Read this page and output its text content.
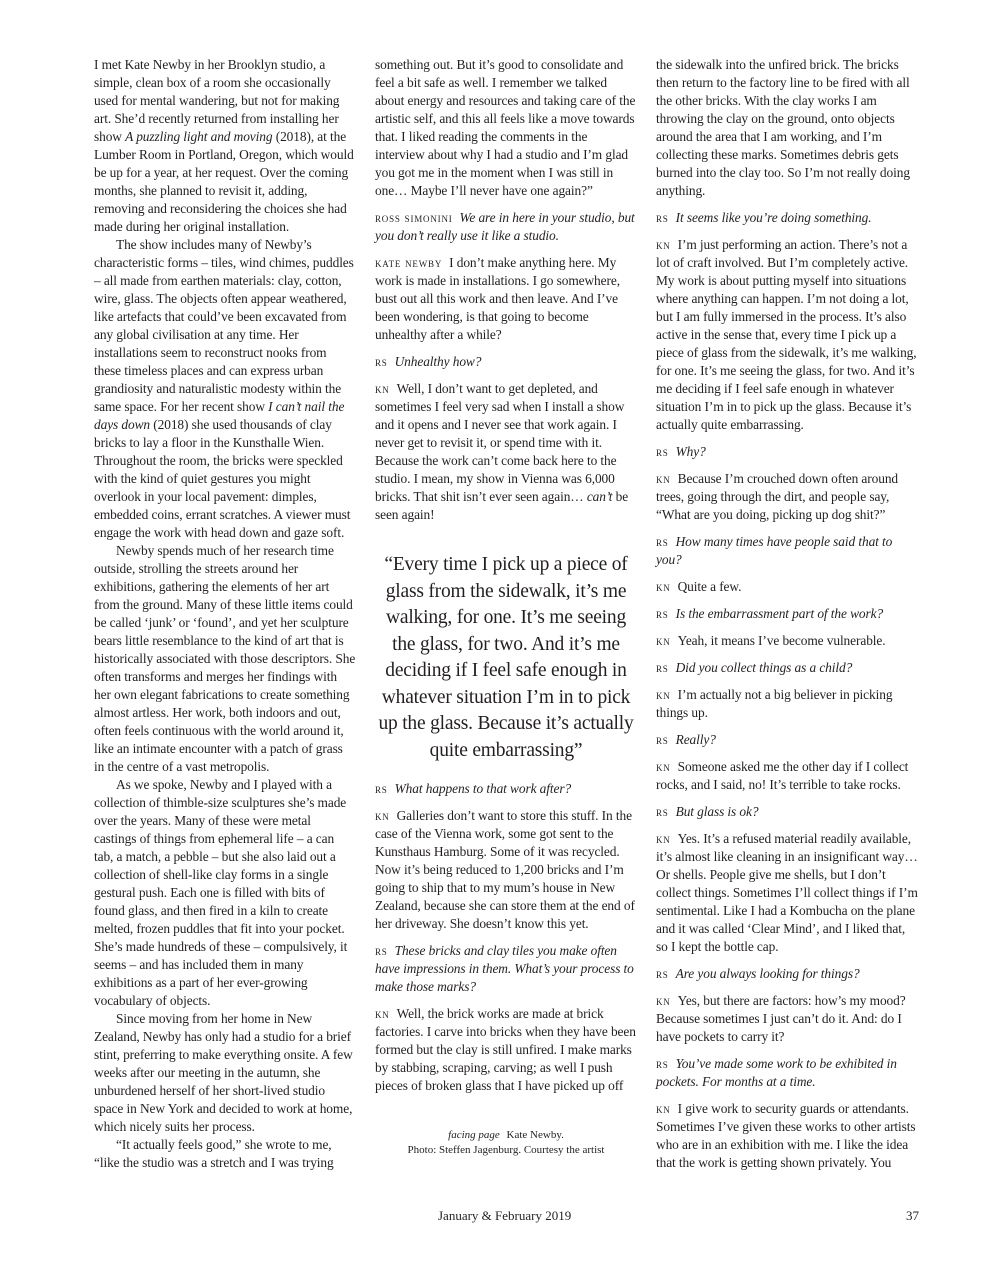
I met Kate Newby in her Brooklyn studio, a simple, clean box of a room she occasionally used for mental wandering, but not for making art. She’d recently returned from installing her show A puzzling light and moving (2018), at the Lumber Room in Portland, Oregon, which would be up for a year, at her request. Over the coming months, she planned to revisit it, adding, removing and reconsidering the choices she had made during her original installation.

The show includes many of Newby’s characteristic forms – tiles, wind chimes, puddles – all made from earthen materials: clay, cotton, wire, glass. The objects often appear weathered, like artefacts that could’ve been excavated from any global civilisation at any time. Her installations seem to reconstruct nooks from these timeless places and can express urban grandiosity and naturalistic modesty within the same space. For her recent show I can’t nail the days down (2018) she used thousands of clay bricks to lay a floor in the Kunsthalle Wien. Throughout the room, the bricks were speckled with the kind of quiet gestures you might overlook in your local pavement: dimples, embedded coins, errant scratches. A viewer must engage the work with head down and gaze soft.

Newby spends much of her research time outside, strolling the streets around her exhibitions, gathering the elements of her art from the ground. Many of these little items could be called ‘junk’ or ‘found’, and yet her sculpture bears little resemblance to the kind of art that is historically associated with those descriptors. She often transforms and merges her findings with her own elegant fabrications to create something almost artless. Her work, both indoors and out, often feels continuous with the world around it, like an intimate encounter with a patch of grass in the centre of a vast metropolis.

As we spoke, Newby and I played with a collection of thimble-size sculptures she’s made over the years. Many of these were metal castings of things from ephemeral life – a can tab, a match, a pebble – but she also laid out a collection of shell-like clay forms in a single gestural push. Each one is filled with bits of found glass, and then fired in a kiln to create melted, frozen puddles that fit into your pocket. She’s made hundreds of these – compulsively, it seems – and has included them in many exhibitions as a part of her ever-growing vocabulary of objects.

Since moving from her home in New Zealand, Newby has only had a studio for a brief stint, preferring to make everything onsite. A few weeks after our meeting in the autumn, she unburdened herself of her short-lived studio space in New York and decided to work at home, which nicely suits her process.

“It actually feels good,” she wrote to me, “like the studio was a stretch and I was trying

something out. But it’s good to consolidate and feel a bit safe as well. I remember we talked about energy and resources and taking care of the artistic self, and this all feels like a move towards that. I liked reading the comments in the interview about why I had a studio and I’m glad you got me in the moment when I was still in one… Maybe I’ll never have one again?”

ross simonini We are in here in your studio, but you don’t really use it like a studio.

kate newby I don’t make anything here. My work is made in installations. I go somewhere, bust out all this work and then leave. And I’ve been wondering, is that going to become unhealthy after a while?

rs Unhealthy how?

kn Well, I don’t want to get depleted, and sometimes I feel very sad when I install a show and it opens and I never see that work again. I never get to revisit it, or spend time with it. Because the work can’t come back here to the studio. I mean, my show in Vienna was 6,000 bricks. That shit isn’t ever seen again… can’t be seen again!

“Every time I pick up a piece of glass from the sidewalk, it’s me walking, for one. It’s me seeing the glass, for two. And it’s me deciding if I feel safe enough in whatever situation I’m in to pick up the glass. Because it’s actually quite embarrassing”

rs What happens to that work after?

kn Galleries don’t want to store this stuff. In the case of the Vienna work, some got sent to the Kunsthaus Hamburg. Some of it was recycled. Now it’s being reduced to 1,200 bricks and I’m going to ship that to my mum’s house in New Zealand, because she can store them at the end of her driveway. She doesn’t know this yet.

rs These bricks and clay tiles you make often have impressions in them. What’s your process to make those marks?

kn Well, the brick works are made at brick factories. I carve into bricks when they have been formed but the clay is still unfired. I make marks by stabbing, scraping, carving; as well I push pieces of broken glass that I have picked up off

facing page Kate Newby.
Photo: Steffen Jagenburg. Courtesy the artist

the sidewalk into the unfired brick. The bricks then return to the factory line to be fired with all the other bricks. With the clay works I am throwing the clay on the ground, onto objects around the area that I am working, and I’m collecting these marks. Sometimes debris gets burned into the clay too. So I’m not really doing anything.

rs It seems like you’re doing something.

kn I’m just performing an action. There’s not a lot of craft involved. But I’m completely active. My work is about putting myself into situations where anything can happen. I’m not doing a lot, but I am fully immersed in the process. It’s also active in the sense that, every time I pick up a piece of glass from the sidewalk, it’s me walking, for one. It’s me seeing the glass, for two. And it’s me deciding if I feel safe enough in whatever situation I’m in to pick up the glass. Because it’s actually quite embarrassing.

rs Why?

kn Because I’m crouched down often around trees, going through the dirt, and people say, “What are you doing, picking up dog shit?”

rs How many times have people said that to you?

kn Quite a few.

rs Is the embarrassment part of the work?

kn Yeah, it means I’ve become vulnerable.

rs Did you collect things as a child?

kn I’m actually not a big believer in picking things up.

rs Really?

kn Someone asked me the other day if I collect rocks, and I said, no! It’s terrible to take rocks.

rs But glass is ok?

kn Yes. It’s a refused material readily available, it’s almost like cleaning in an insignificant way… Or shells. People give me shells, but I don’t collect things. Sometimes I’ll collect things if I’m sentimental. Like I had a Kombucha on the plane and it was called ‘Clear Mind’, and I liked that, so I kept the bottle cap.

rs Are you always looking for things?

kn Yes, but there are factors: how’s my mood? Because sometimes I just can’t do it. And: do I have pockets to carry it?

rs You’ve made some work to be exhibited in pockets. For months at a time.

kn I give work to security guards or attendants. Sometimes I’ve given these works to other artists who are in an exhibition with me. I like the idea that the work is getting shown privately. You

January & February 2019	37
